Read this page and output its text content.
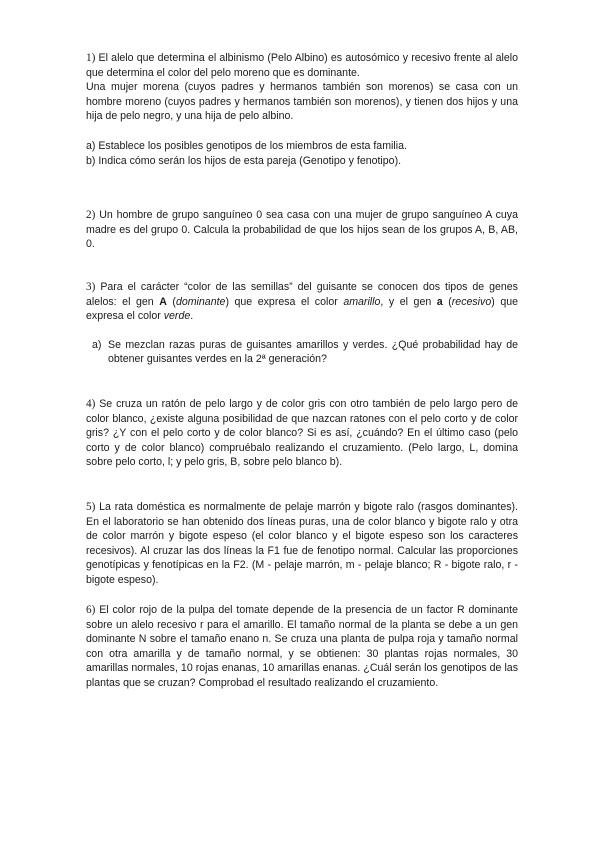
1) El alelo que determina el albinismo (Pelo Albino) es autosómico y recesivo frente al alelo que determina el color del pelo moreno que es dominante.

Una mujer morena (cuyos padres y hermanos también son morenos) se casa con un hombre moreno (cuyos padres y hermanos también son morenos), y tienen dos hijos y una hija de pelo negro, y una hija de pelo albino.

a) Establece los posibles genotipos de los miembros de esta familia.

b) Indica cómo serán los hijos de esta pareja (Genotipo y fenotipo).

2) Un hombre de grupo sanguíneo 0 sea casa con una mujer de grupo sanguíneo A cuya madre es del grupo 0. Calcula la probabilidad de que los hijos sean de los grupos A, B, AB, 0.

3) Para el carácter “color de las semillas” del guisante se conocen dos tipos de genes alelos: el gen A (dominante) que expresa el color amarillo, y el gen a (recesivo) que expresa el color verde.

a) Se mezclan razas puras de guisantes amarillos y verdes. ¿Qué probabilidad hay de obtener guisantes verdes en la 2ª generación?

4) Se cruza un ratón de pelo largo y de color gris con otro también de pelo largo pero de color blanco, ¿existe alguna posibilidad de que nazcan ratones con el pelo corto y de color gris? ¿Y con el pelo corto y de color blanco? Si es así, ¿cuándo? En el último caso (pelo corto y de color blanco) compruébalo realizando el cruzamiento. (Pelo largo, L, domina sobre pelo corto, l; y pelo gris, B, sobre pelo blanco b).

5) La rata doméstica es normalmente de pelaje marrón y bigote ralo (rasgos dominantes). En el laboratorio se han obtenido dos líneas puras, una de color blanco y bigote ralo y otra de color marrón y bigote espeso (el color blanco y el bigote espeso son los caracteres recesivos). Al cruzar las dos líneas la F1 fue de fenotipo normal. Calcular las proporciones genotípicas y fenotípicas en la F2. (M - pelaje marrón, m - pelaje blanco; R - bigote ralo, r - bigote espeso).

6) El color rojo de la pulpa del tomate depende de la presencia de un factor R dominante sobre un alelo recesivo r para el amarillo. El tamaño normal de la planta se debe a un gen dominante N sobre el tamaño enano n. Se cruza una planta de pulpa roja y tamaño normal con otra amarilla y de tamaño normal, y se obtienen: 30 plantas rojas normales, 30 amarillas normales, 10 rojas enanas, 10 amarillas enanas. ¿Cuál serán los genotipos de las plantas que se cruzan? Comprobad el resultado realizando el cruzamiento.
